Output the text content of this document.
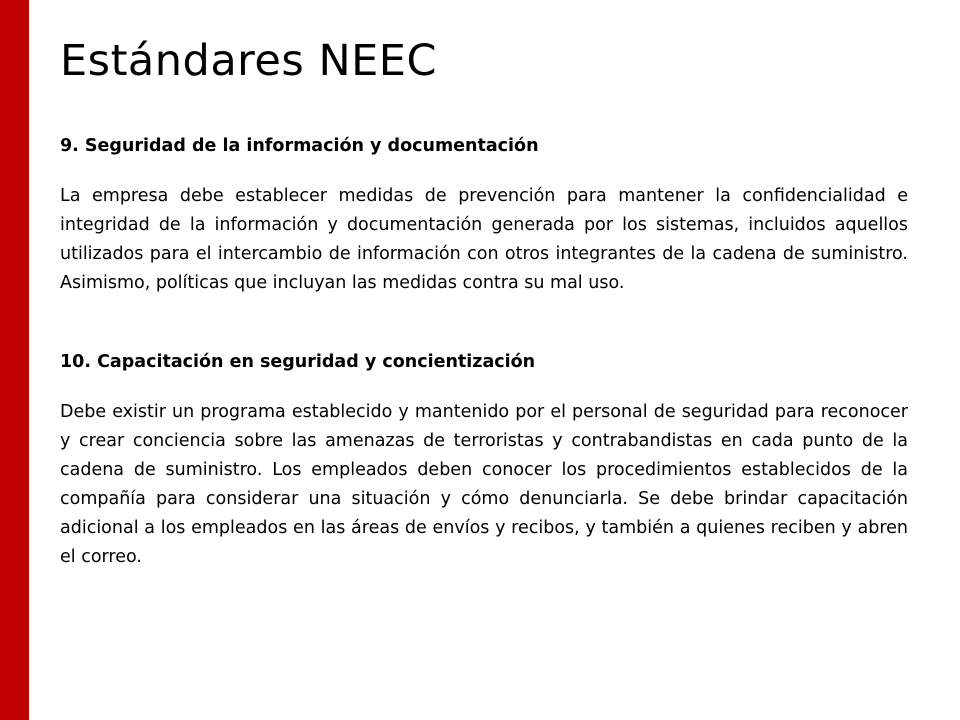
Estándares NEEC
9. Seguridad de la información y documentación

La empresa debe establecer medidas de prevención para mantener la confidencialidad e integridad de la información y documentación generada por los sistemas, incluidos aquellos utilizados para el intercambio de información con otros integrantes de la cadena de suministro. Asimismo, políticas que incluyan las medidas contra su mal uso.

10. Capacitación en seguridad y concientización

Debe existir un programa establecido y mantenido por el personal de seguridad para reconocer y crear conciencia sobre las amenazas de terroristas y contrabandistas en cada punto de la cadena de suministro. Los empleados deben conocer los procedimientos establecidos de la compañía para considerar una situación y cómo denunciarla. Se debe brindar capacitación adicional a los empleados en las áreas de envíos y recibos, y también a quienes reciben y abren el correo.
